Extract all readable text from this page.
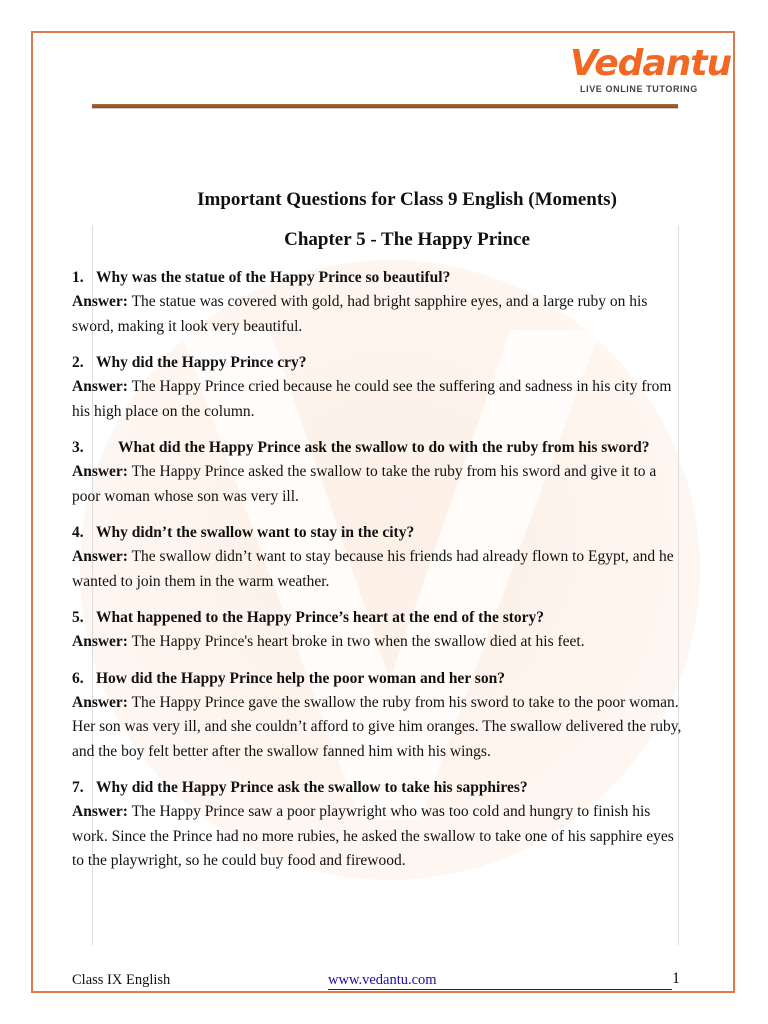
Vedantu
LIVE ONLINE TUTORING
Important Questions for Class 9 English (Moments)
Chapter 5 - The Happy Prince
1. Why was the statue of the Happy Prince so beautiful?
Answer: The statue was covered with gold, had bright sapphire eyes, and a large ruby on his sword, making it look very beautiful.
2. Why did the Happy Prince cry?
Answer: The Happy Prince cried because he could see the suffering and sadness in his city from his high place on the column.
3. What did the Happy Prince ask the swallow to do with the ruby from his sword?
Answer: The Happy Prince asked the swallow to take the ruby from his sword and give it to a poor woman whose son was very ill.
4. Why didn’t the swallow want to stay in the city?
Answer: The swallow didn’t want to stay because his friends had already flown to Egypt, and he wanted to join them in the warm weather.
5. What happened to the Happy Prince’s heart at the end of the story?
Answer: The Happy Prince's heart broke in two when the swallow died at his feet.
6. How did the Happy Prince help the poor woman and her son?
Answer: The Happy Prince gave the swallow the ruby from his sword to take to the poor woman. Her son was very ill, and she couldn’t afford to give him oranges. The swallow delivered the ruby, and the boy felt better after the swallow fanned him with his wings.
7. Why did the Happy Prince ask the swallow to take his sapphires?
Answer: The Happy Prince saw a poor playwright who was too cold and hungry to finish his work. Since the Prince had no more rubies, he asked the swallow to take one of his sapphire eyes to the playwright, so he could buy food and firewood.
Class IX English	www.vedantu.com	1
